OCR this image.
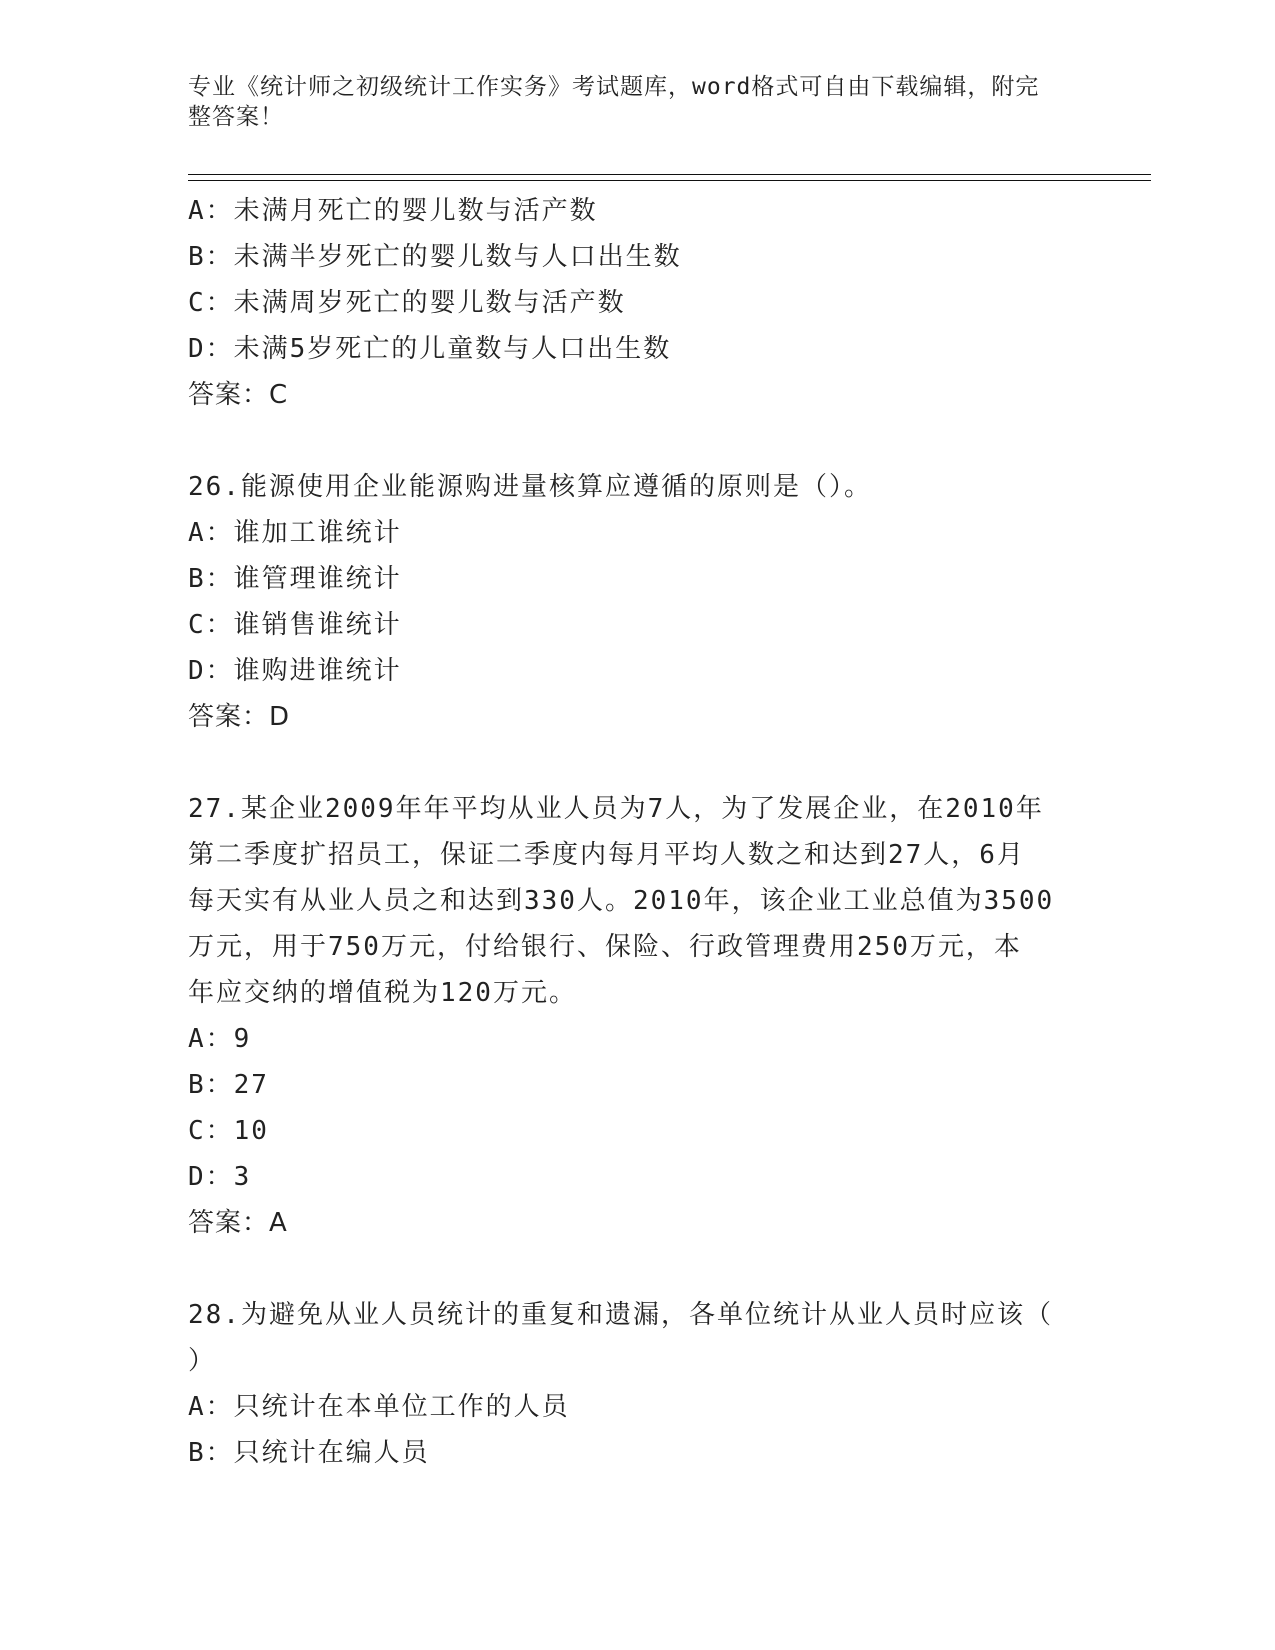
专业《统计师之初级统计工作实务》考试题库，word格式可自由下载编辑，附完
整答案！
A：未满月死亡的婴儿数与活产数
B：未满半岁死亡的婴儿数与人口出生数
C：未满周岁死亡的婴儿数与活产数
D：未满5岁死亡的儿童数与人口出生数
答案：C
26.能源使用企业能源购进量核算应遵循的原则是（）。
A：谁加工谁统计
B：谁管理谁统计
C：谁销售谁统计
D：谁购进谁统计
答案：D
27.某企业2009年年平均从业人员为7人，为了发展企业，在2010年
第二季度扩招员工，保证二季度内每月平均人数之和达到27人，6月
每天实有从业人员之和达到330人。2010年，该企业工业总值为3500
万元，用于750万元，付给银行、保险、行政管理费用250万元，本
年应交纳的增值税为120万元。
A：9
B：27
C：10
D：3
答案：A
28.为避免从业人员统计的重复和遗漏，各单位统计从业人员时应该（
）
A：只统计在本单位工作的人员
B：只统计在编人员
